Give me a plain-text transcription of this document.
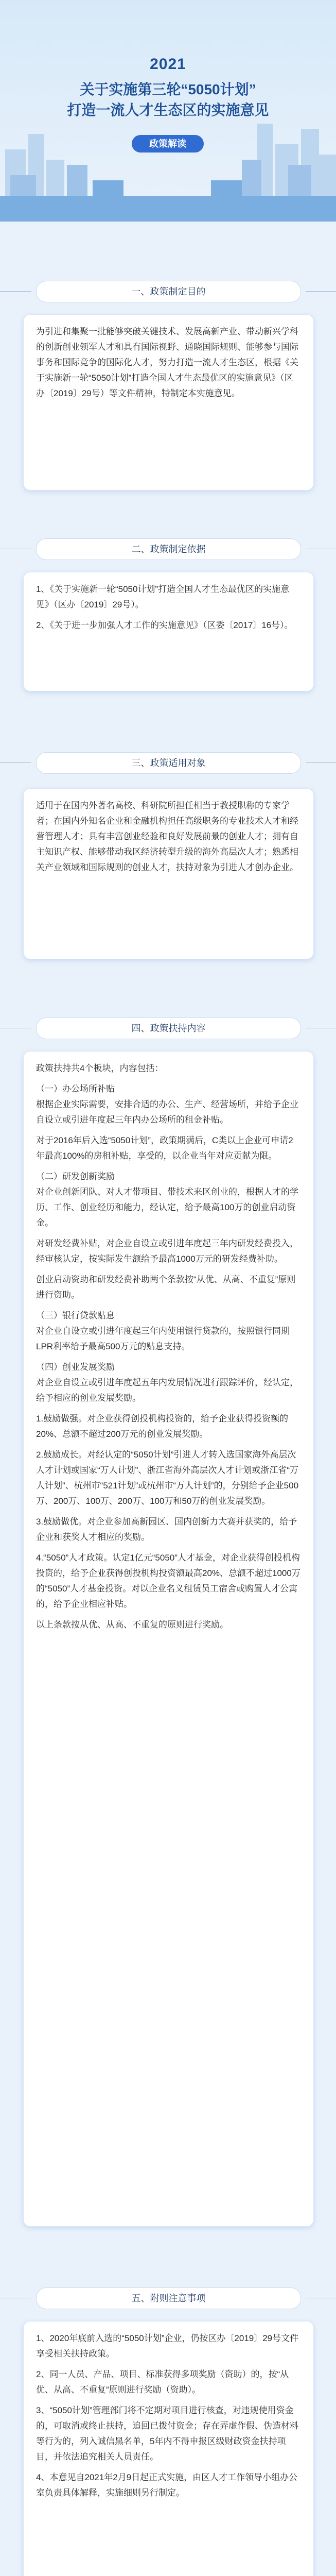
2021
关于实施第三轮“5050计划”
打造一流人才生态区的实施意见
政策解读
一、政策制定目的

为引进和集聚一批能够突破关键技术、发展高新产业、带动新兴学科的创新创业领军人才和具有国际视野、通晓国际规则、能够参与国际事务和国际竞争的国际化人才，努力打造一流人才生态区，根据《关于实施新一轮“5050计划”打造全国人才生态最优区的实施意见》（区办〔2019〕29号）等文件精神，特制定本实施意见。

二、政策制定依据

1、《关于实施新一轮“5050计划”打造全国人才生态最优区的实施意见》（区办〔2019〕29号）。

2、《关于进一步加强人才工作的实施意见》（区委〔2017〕16号）。

三、政策适用对象

适用于在国内外著名高校、科研院所担任相当于教授职称的专家学者；在国内外知名企业和金融机构担任高级职务的专业技术人才和经营管理人才；具有丰富创业经验和良好发展前景的创业人才；拥有自主知识产权、能够带动我区经济转型升级的海外高层次人才；熟悉相关产业领域和国际规则的创业人才，扶持对象为引进人才创办企业。

四、政策扶持内容

政策扶持共4个板块，内容包括：

（一）办公场所补贴
根据企业实际需要，安排合适的办公、生产、经营场所，并给予企业自设立或引进年度起三年内办公场所的租金补贴。

对于2016年后入选“5050计划”，政策期满后，C类以上企业可申请2年最高100%的房租补贴，享受的，以企业当年对应贡献为限。

（二）研发创新奖励
对企业创新团队、对人才带项目、带技术来区创业的，根据人才的学历、工作、创业经历和能力，经认定，给予最高100万的创业启动资金。

对研发经费补贴，对企业自设立或引进年度起三年内研发经费投入，经审核认定，按实际发生额给予最高1000万元的研发经费补助。

创业启动资助和研发经费补助两个条款按“从优、从高、不重复”原则进行资助。

（三）银行贷款贴息
对企业自设立或引进年度起三年内使用银行贷款的，按照银行同期LPR利率给予最高500万元的贴息支持。

（四）创业发展奖励
对企业自设立或引进年度起五年内发展情况进行跟踪评价，经认定，给予相应的创业发展奖励。

1.鼓励做强。对企业获得创投机构投资的，给予企业获得投资额的20%、总额不超过200万元的创业发展奖励。

2.鼓励成长。对经认定的“5050计划”引进人才转入选国家海外高层次人才计划或国家“万人计划”、浙江省海外高层次人才计划或浙江省“万人计划”、杭州市“521计划”或杭州市“万人计划”的，分别给予企业500万、200万、100万、200万、100万和50万的创业发展奖励。

3.鼓励做优。对企业参加高新园区、国内创新力大赛并获奖的，给予企业和获奖人才相应的奖励。

4.“5050”人才政策。认定1亿元“5050”人才基金，对企业获得创投机构投资的，给予企业获得创投机构投资额最高20%、总额不超过1000万的“5050”人才基金投资。对以企业名义租赁员工宿舍或购置人才公寓的，给予企业相应补贴。

以上条款按从优、从高、不重复的原则进行奖励。

五、附则注意事项

1、2020年底前入选的“5050计划”企业，仍按区办〔2019〕29号文件享受相关扶持政策。

2、同一人员、产品、项目、标准获得多项奖励（资助）的，按“从优、从高、不重复”原则进行奖励（资助）。

3、“5050计划”管理部门将不定期对项目进行核查，对违规使用资金的，可取消或终止扶持，追回已拨付资金；存在弄虚作假、伪造材料等行为的，列入诚信黑名单，5年内不得申报区级财政资金扶持项目，并依法追究相关人员责任。

4、本意见自2021年2月9日起正式实施，由区人才工作领导小组办公室负责具体解释，实施细则另行制定。
